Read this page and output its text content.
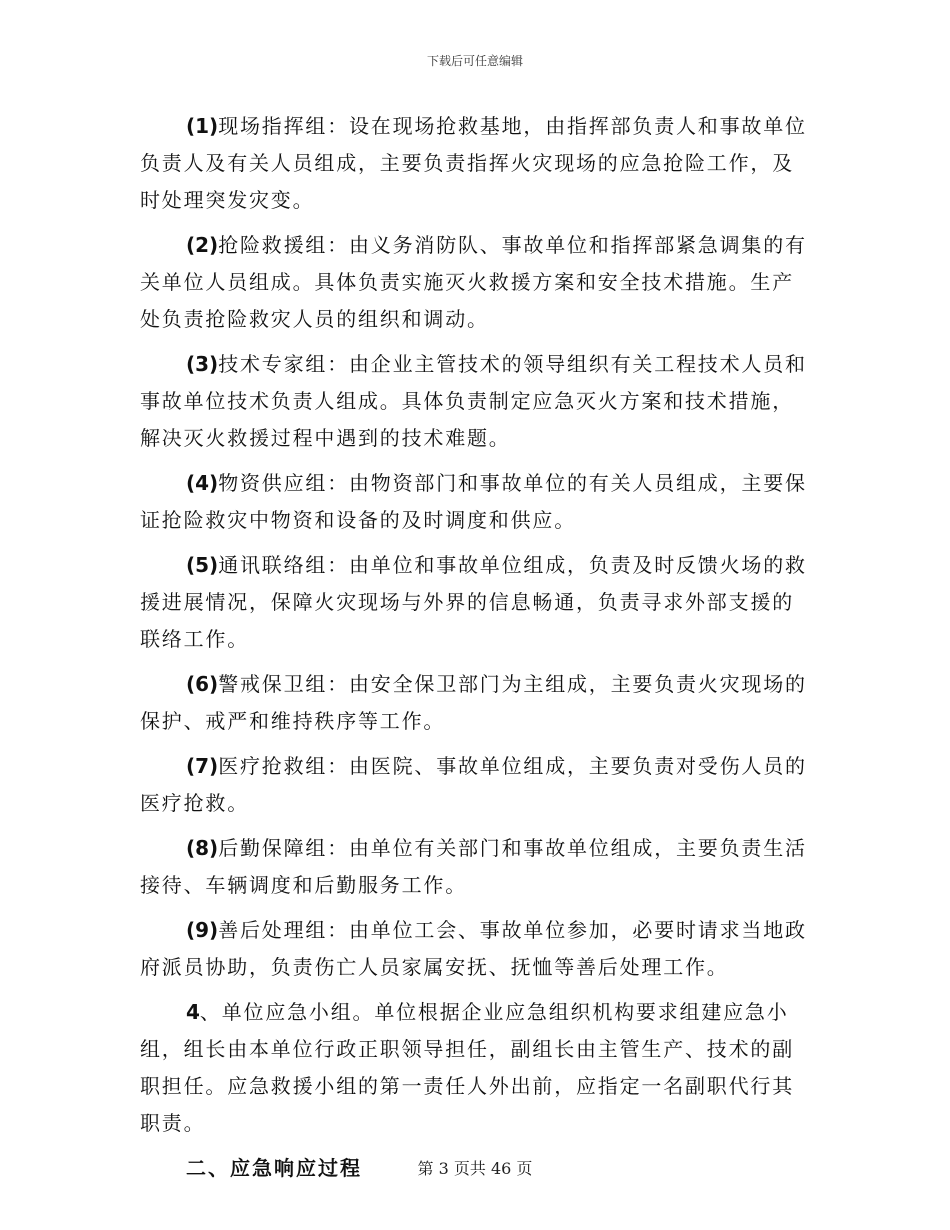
下载后可任意编辑

(1)现场指挥组：设在现场抢救基地，由指挥部负责人和事故单位负责人及有关人员组成，主要负责指挥火灾现场的应急抢险工作，及时处理突发灾变。

(2)抢险救援组：由义务消防队、事故单位和指挥部紧急调集的有关单位人员组成。具体负责实施灭火救援方案和安全技术措施。生产处负责抢险救灾人员的组织和调动。

(3)技术专家组：由企业主管技术的领导组织有关工程技术人员和事故单位技术负责人组成。具体负责制定应急灭火方案和技术措施，解决灭火救援过程中遇到的技术难题。

(4)物资供应组：由物资部门和事故单位的有关人员组成，主要保证抢险救灾中物资和设备的及时调度和供应。

(5)通讯联络组：由单位和事故单位组成，负责及时反馈火场的救援进展情况，保障火灾现场与外界的信息畅通，负责寻求外部支援的联络工作。

(6)警戒保卫组：由安全保卫部门为主组成，主要负责火灾现场的保护、戒严和维持秩序等工作。

(7)医疗抢救组：由医院、事故单位组成，主要负责对受伤人员的医疗抢救。

(8)后勤保障组：由单位有关部门和事故单位组成，主要负责生活接待、车辆调度和后勤服务工作。

(9)善后处理组：由单位工会、事故单位参加，必要时请求当地政府派员协助，负责伤亡人员家属安抚、抚恤等善后处理工作。

4、单位应急小组。单位根据企业应急组织机构要求组建应急小组，组长由本单位行政正职领导担任，副组长由主管生产、技术的副职担任。应急救援小组的第一责任人外出前，应指定一名副职代行其职责。

二、应急响应过程	第 3 页共 46 页
